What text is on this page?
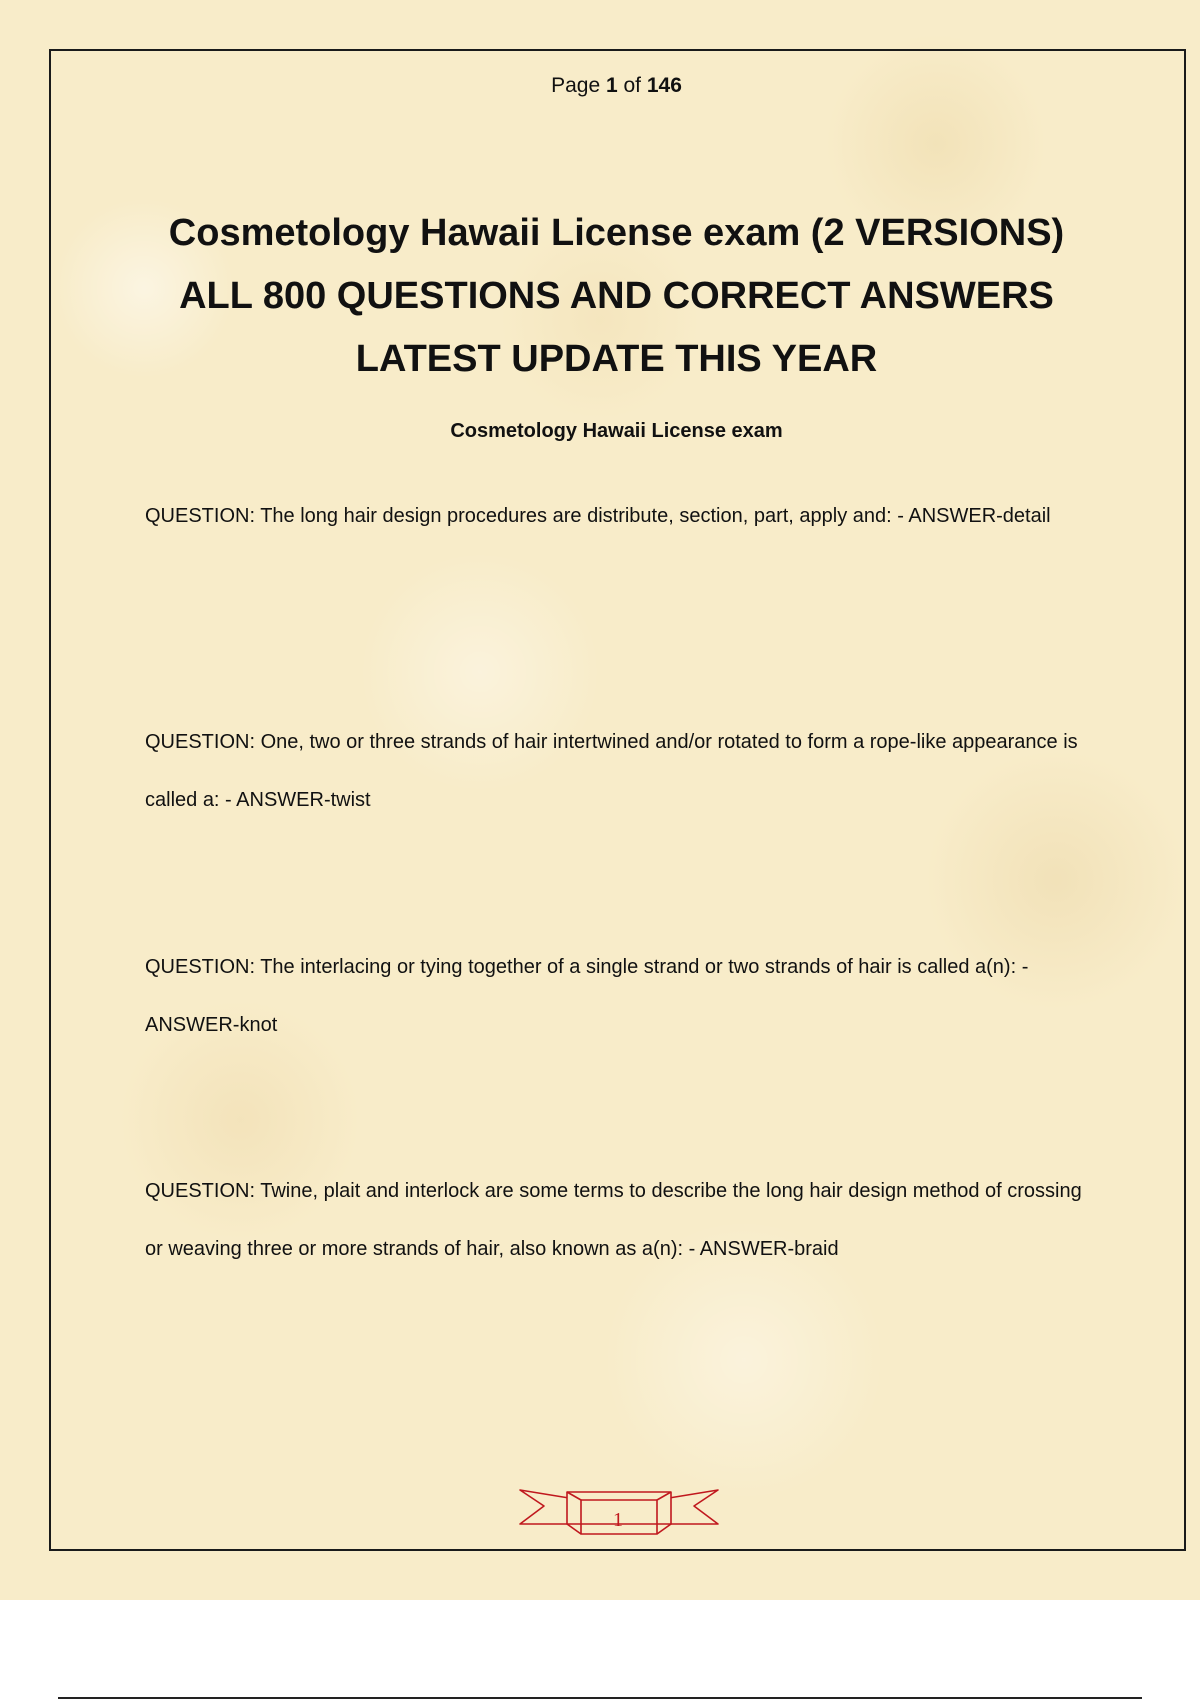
Page 1 of 146
Cosmetology Hawaii License exam (2 VERSIONS)
ALL 800 QUESTIONS AND CORRECT ANSWERS
LATEST UPDATE THIS YEAR
Cosmetology Hawaii License exam

QUESTION: The long hair design procedures are distribute, section, part, apply and: - ANSWER-detail

QUESTION: One, two or three strands of hair intertwined and/or rotated to form a rope-like appearance is called a: - ANSWER-twist

QUESTION: The interlacing or tying together of a single strand or two strands of hair is called a(n): - ANSWER-knot

QUESTION: Twine, plait and interlock are some terms to describe the long hair design method of crossing or weaving three or more strands of hair, also known as a(n): - ANSWER-braid

1
